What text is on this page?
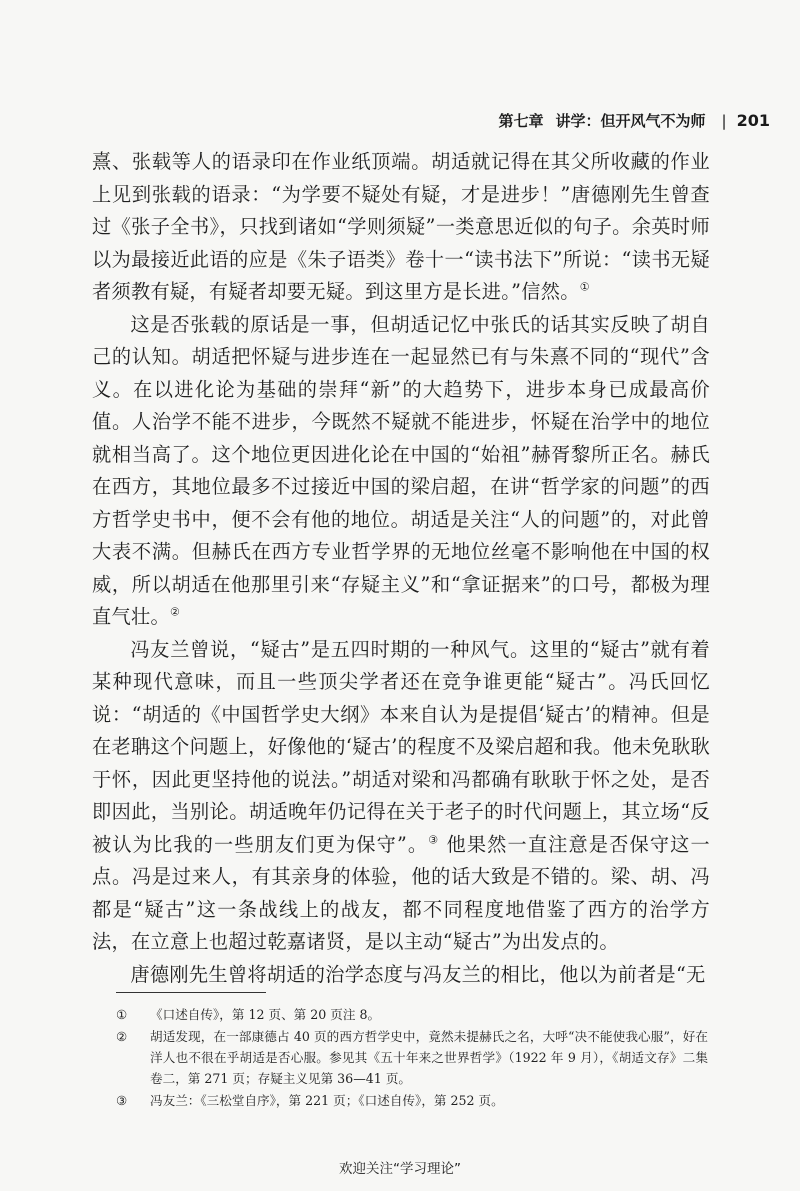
第七章 讲学：但开风气不为师 | 201

熹、张载等人的语录印在作业纸顶端。胡适就记得在其父所收藏的作业上见到张载的语录：“为学要不疑处有疑，才是进步！”唐德刚先生曾查过《张子全书》，只找到诸如“学则须疑”一类意思近似的句子。余英时师以为最接近此语的应是《朱子语类》卷十一“读书法下”所说：“读书无疑者须教有疑，有疑者却要无疑。到这里方是长进。”信然。①

这是否张载的原话是一事，但胡适记忆中张氏的话其实反映了胡自己的认知。胡适把怀疑与进步连在一起显然已有与朱熹不同的“现代”含义。在以进化论为基础的崇拜“新”的大趋势下，进步本身已成最高价值。人治学不能不进步，今既然不疑就不能进步，怀疑在治学中的地位就相当高了。这个地位更因进化论在中国的“始祖”赫胥黎所正名。赫氏在西方，其地位最多不过接近中国的梁启超，在讲“哲学家的问题”的西方哲学史书中，便不会有他的地位。胡适是关注“人的问题”的，对此曾大表不满。但赫氏在西方专业哲学界的无地位丝毫不影响他在中国的权威，所以胡适在他那里引来“存疑主义”和“拿证据来”的口号，都极为理直气壮。②

冯友兰曾说，“疑古”是五四时期的一种风气。这里的“疑古”就有着某种现代意味，而且一些顶尖学者还在竞争谁更能“疑古”。冯氏回忆说：“胡适的《中国哲学史大纲》本来自认为是提倡‘疑古’的精神。但是在老聃这个问题上，好像他的‘疑古’的程度不及梁启超和我。他未免耿耿于怀，因此更坚持他的说法。”胡适对梁和冯都确有耿耿于怀之处，是否即因此，当别论。胡适晚年仍记得在关于老子的时代问题上，其立场“反被认为比我的一些朋友们更为保守”。③ 他果然一直注意是否保守这一点。冯是过来人，有其亲身的体验，他的话大致是不错的。梁、胡、冯都是“疑古”这一条战线上的战友，都不同程度地借鉴了西方的治学方法，在立意上也超过乾嘉诸贤，是以主动“疑古”为出发点的。

唐德刚先生曾将胡适的治学态度与冯友兰的相比，他以为前者是“无

①	《口述自传》，第 12 页、第 20 页注 8。
②	胡适发现，在一部康德占 40 页的西方哲学史中，竟然未提赫氏之名，大呼“决不能使我心服”，好在洋人也不很在乎胡适是否心服。参见其《五十年来之世界哲学》（1922 年 9 月），《胡适文存》二集卷二，第 271 页；存疑主义见第 36—41 页。
③	冯友兰：《三松堂自序》，第 221 页；《口述自传》，第 252 页。
欢迎关注“学习理论”
